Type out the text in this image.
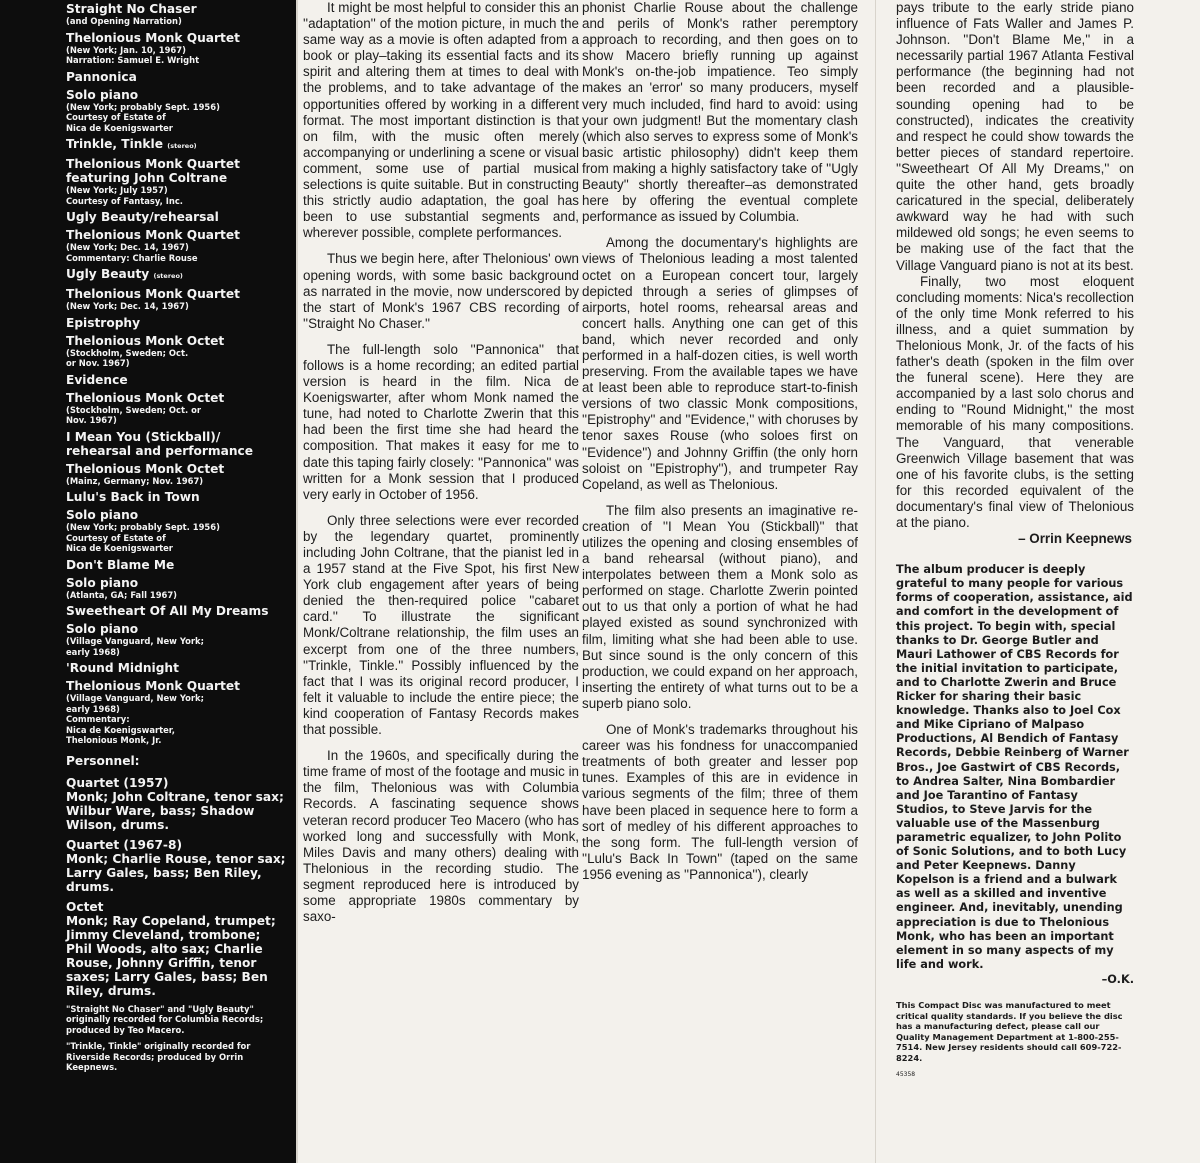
Straight No Chaser
(and Opening Narration)
Thelonious Monk Quartet
(New York; Jan. 10, 1967)
Narration: Samuel E. Wright
Pannonica
Solo piano
(New York; probably Sept. 1956)
Courtesy of Estate of
Nica de Koenigswarter
Trinkle, Tinkle (stereo)
Thelonious Monk Quartet featuring John Coltrane
(New York; July 1957)
Courtesy of Fantasy, Inc.
Ugly Beauty/rehearsal
Thelonious Monk Quartet
(New York; Dec. 14, 1967)
Commentary: Charlie Rouse
Ugly Beauty (stereo)
Thelonious Monk Quartet
(New York; Dec. 14, 1967)
Epistrophy
Thelonious Monk Octet
(Stockholm, Sweden; Oct.
or Nov. 1967)
Evidence
Thelonious Monk Octet
(Stockholm, Sweden; Oct. or
Nov. 1967)
I Mean You (Stickball)/ rehearsal and performance
Thelonious Monk Octet
(Mainz, Germany; Nov. 1967)
Lulu's Back in Town
Solo piano
(New York; probably Sept. 1956)
Courtesy of Estate of
Nica de Koenigswarter
Don't Blame Me
Solo piano
(Atlanta, GA; Fall 1967)
Sweetheart Of All My Dreams
Solo piano
(Village Vanguard, New York;
early 1968)
'Round Midnight
Thelonious Monk Quartet
(Village Vanguard, New York;
early 1968)
Commentary:
Nica de Koenigswarter,
Thelonious Monk, Jr.
Personnel:
Quartet (1957)
Monk; John Coltrane, tenor sax; Wilbur Ware, bass; Shadow Wilson, drums.
Quartet (1967-8)
Monk; Charlie Rouse, tenor sax; Larry Gales, bass; Ben Riley, drums.
Octet
Monk; Ray Copeland, trumpet; Jimmy Cleveland, trombone; Phil Woods, alto sax; Charlie Rouse, Johnny Griffin, tenor saxes; Larry Gales, bass; Ben Riley, drums.

"Straight No Chaser" and "Ugly Beauty" originally recorded for Columbia Records; produced by Teo Macero.

"Trinkle, Tinkle" originally recorded for Riverside Records; produced by Orrin Keepnews.

It might be most helpful to consider this an ''adaptation'' of the motion picture, in much the same way as a movie is often adapted from a book or play–taking its essential facts and its spirit and altering them at times to deal with the problems, and to take advantage of the opportunities offered by working in a different format. The most important distinction is that on film, with the music often merely accompanying or underlining a scene or visual comment, some use of partial musical selections is quite suitable. But in constructing this strictly audio adaptation, the goal has been to use substantial segments and, wherever possible, complete performances.

Thus we begin here, after Thelonious' own opening words, with some basic background as narrated in the movie, now underscored by the start of Monk's 1967 CBS recording of ''Straight No Chaser.''

The full-length solo ''Pannonica'' that follows is a home recording; an edited partial version is heard in the film. Nica de Koenigswarter, after whom Monk named the tune, had noted to Charlotte Zwerin that this had been the first time she had heard the composition. That makes it easy for me to date this taping fairly closely: ''Pannonica'' was written for a Monk session that I produced very early in October of 1956.

Only three selections were ever recorded by the legendary quartet, prominently including John Coltrane, that the pianist led in a 1957 stand at the Five Spot, his first New York club engagement after years of being denied the then-required police ''cabaret card.'' To illustrate the significant Monk/Coltrane relationship, the film uses an excerpt from one of the three numbers, ''Trinkle, Tinkle.'' Possibly influenced by the fact that I was its original record producer, I felt it valuable to include the entire piece; the kind cooperation of Fantasy Records makes that possible.

In the 1960s, and specifically during the time frame of most of the footage and music in the film, Thelonious was with Columbia Records. A fascinating sequence shows veteran record producer Teo Macero (who has worked long and successfully with Monk, Miles Davis and many others) dealing with Thelonious in the recording studio. The segment reproduced here is introduced by some appropriate 1980s commentary by saxo-

phonist Charlie Rouse about the challenge and perils of Monk's rather peremptory approach to recording, and then goes on to show Macero briefly running up against Monk's on-the-job impatience. Teo simply makes an 'error' so many producers, myself very much included, find hard to avoid: using your own judgment! But the momentary clash (which also serves to express some of Monk's basic artistic philosophy) didn't keep them from making a highly satisfactory take of ''Ugly Beauty'' shortly thereafter–as demonstrated here by offering the eventual complete performance as issued by Columbia.

Among the documentary's highlights are views of Thelonious leading a most talented octet on a European concert tour, largely depicted through a series of glimpses of airports, hotel rooms, rehearsal areas and concert halls. Anything one can get of this band, which never recorded and only performed in a half-dozen cities, is well worth preserving. From the available tapes we have at least been able to reproduce start-to-finish versions of two classic Monk compositions, ''Epistrophy'' and ''Evidence,'' with choruses by tenor saxes Rouse (who soloes first on ''Evidence'') and Johnny Griffin (the only horn soloist on ''Epistrophy''), and trumpeter Ray Copeland, as well as Thelonious.

The film also presents an imaginative re-creation of ''I Mean You (Stickball)'' that utilizes the opening and closing ensembles of a band rehearsal (without piano), and interpolates between them a Monk solo as performed on stage. Charlotte Zwerin pointed out to us that only a portion of what he had played existed as sound synchronized with film, limiting what she had been able to use. But since sound is the only concern of this production, we could expand on her approach, inserting the entirety of what turns out to be a superb piano solo.

One of Monk's trademarks throughout his career was his fondness for unaccompanied treatments of both greater and lesser pop tunes. Examples of this are in evidence in various segments of the film; three of them have been placed in sequence here to form a sort of medley of his different approaches to the song form. The full-length version of ''Lulu's Back In Town'' (taped on the same 1956 evening as ''Pannonica''), clearly

pays tribute to the early stride piano influence of Fats Waller and James P. Johnson. ''Don't Blame Me,'' in a necessarily partial 1967 Atlanta Festival performance (the beginning had not been recorded and a plausible-sounding opening had to be constructed), indicates the creativity and respect he could show towards the better pieces of standard repertoire. ''Sweetheart Of All My Dreams,'' on quite the other hand, gets broadly caricatured in the special, deliberately awkward way he had with such mildewed old songs; he even seems to be making use of the fact that the Village Vanguard piano is not at its best.

Finally, two most eloquent concluding moments: Nica's recollection of the only time Monk referred to his illness, and a quiet summation by Thelonious Monk, Jr. of the facts of his father's death (spoken in the film over the funeral scene). Here they are accompanied by a last solo chorus and ending to ''Round Midnight,'' the most memorable of his many compositions. The Vanguard, that venerable Greenwich Village basement that was one of his favorite clubs, is the setting for this recorded equivalent of the documentary's final view of Thelonious at the piano.

– Orrin Keepnews
The album producer is deeply grateful to many people for various forms of cooperation, assistance, aid and comfort in the development of this project. To begin with, special thanks to Dr. George Butler and Mauri Lathower of CBS Records for the initial invitation to participate, and to Charlotte Zwerin and Bruce Ricker for sharing their basic knowledge. Thanks also to Joel Cox and Mike Cipriano of Malpaso Productions, Al Bendich of Fantasy Records, Debbie Reinberg of Warner Bros., Joe Gastwirt of CBS Records, to Andrea Salter, Nina Bombardier and Joe Tarantino of Fantasy Studios, to Steve Jarvis for the valuable use of the Massenburg parametric equalizer, to John Polito of Sonic Solutions, and to both Lucy and Peter Keepnews. Danny Kopelson is a friend and a bulwark as well as a skilled and inventive engineer. And, inevitably, unending appreciation is due to Thelonious Monk, who has been an important element in so many aspects of my life and work.
–O.K.
This Compact Disc was manufactured to meet critical quality standards. If you believe the disc has a manufacturing defect, please call our Quality Management Department at 1-800-255-7514. New Jersey residents should call 609-722-8224.
45358
